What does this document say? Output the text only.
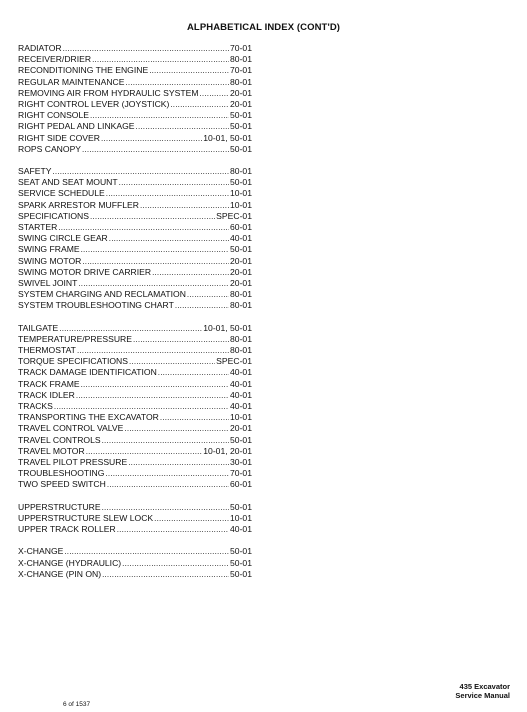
ALPHABETICAL INDEX (CONT'D)
RADIATOR .....	70-01
RECEIVER/DRIER .....	80-01
RECONDITIONING THE ENGINE .....	70-01
REGULAR MAINTENANCE .....	80-01
REMOVING AIR FROM HYDRAULIC SYSTEM .....	20-01
RIGHT CONTROL LEVER (JOYSTICK) .....	20-01
RIGHT CONSOLE .....	50-01
RIGHT PEDAL AND LINKAGE .....	50-01
RIGHT SIDE COVER .....	10-01, 50-01
ROPS CANOPY .....	50-01
SAFETY .....	80-01
SEAT AND SEAT MOUNT .....	50-01
SERVICE SCHEDULE .....	10-01
SPARK ARRESTOR MUFFLER .....	10-01
SPECIFICATIONS .....	SPEC-01
STARTER .....	60-01
SWING CIRCLE GEAR .....	40-01
SWING FRAME .....	50-01
SWING MOTOR .....	20-01
SWING MOTOR DRIVE CARRIER .....	20-01
SWIVEL JOINT .....	20-01
SYSTEM CHARGING AND RECLAMATION .....	80-01
SYSTEM TROUBLESHOOTING CHART .....	80-01
TAILGATE .....	10-01, 50-01
TEMPERATURE/PRESSURE .....	80-01
THERMOSTAT .....	80-01
TORQUE SPECIFICATIONS .....	SPEC-01
TRACK DAMAGE IDENTIFICATION .....	40-01
TRACK FRAME .....	40-01
TRACK IDLER .....	40-01
TRACKS .....	40-01
TRANSPORTING THE EXCAVATOR .....	10-01
TRAVEL CONTROL VALVE .....	20-01
TRAVEL CONTROLS .....	50-01
TRAVEL MOTOR .....	10-01, 20-01
TRAVEL PILOT PRESSURE .....	30-01
TROUBLESHOOTING .....	70-01
TWO SPEED SWITCH .....	60-01
UPPERSTRUCTURE .....	50-01
UPPERSTRUCTURE SLEW LOCK .....	10-01
UPPER TRACK ROLLER .....	40-01
X-CHANGE .....	50-01
X-CHANGE (HYDRAULIC) .....	50-01
X-CHANGE (PIN ON) .....	50-01
435 Excavator
Service Manual
6 of 1537
